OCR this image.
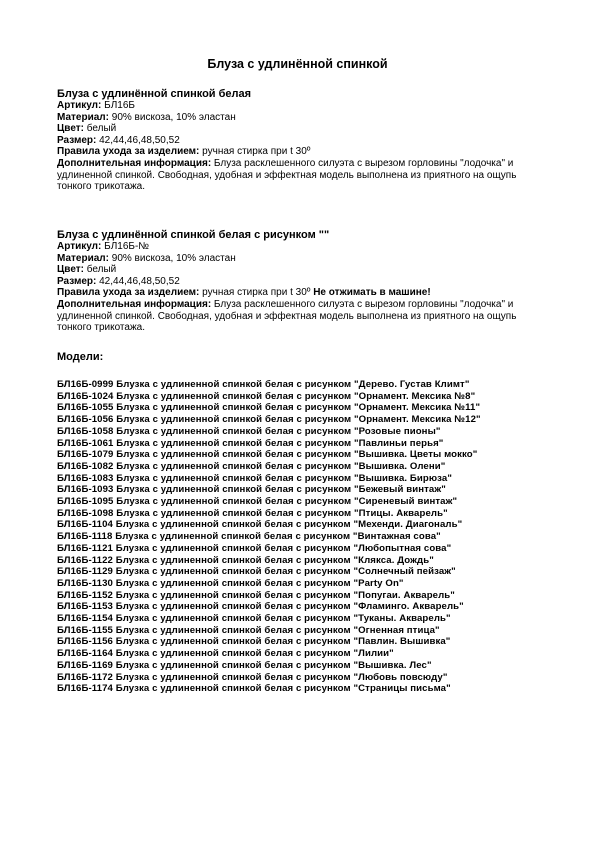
Блуза с удлинённой спинкой
Блуза с удлинённой спинкой белая
Артикул: БЛ16Б
Материал: 90% вискоза, 10% эластан
Цвет: белый
Размер: 42,44,46,48,50,52
Правила ухода за изделием: ручная стирка при t 30º
Дополнительная информация: Блуза расклешенного силуэта с вырезом горловины "лодочка" и удлиненной спинкой. Свободная, удобная и эффектная модель выполнена из приятного на ощупь тонкого трикотажа.
Блуза с удлинённой спинкой белая с рисунком ""
Артикул: БЛ16Б-№
Материал: 90% вискоза, 10% эластан
Цвет: белый
Размер: 42,44,46,48,50,52
Правила ухода за изделием: ручная стирка при t 30º Не отжимать в машине!
Дополнительная информация: Блуза расклешенного силуэта с вырезом горловины "лодочка" и удлиненной спинкой. Свободная, удобная и эффектная модель выполнена из приятного на ощупь тонкого трикотажа.
Модели:
БЛ16Б-0999 Блузка с удлиненной спинкой белая с рисунком "Дерево. Густав Климт"
БЛ16Б-1024 Блузка с удлиненной спинкой белая с рисунком "Орнамент. Мексика №8"
БЛ16Б-1055 Блузка с удлиненной спинкой белая с рисунком "Орнамент. Мексика №11"
БЛ16Б-1056 Блузка с удлиненной спинкой белая с рисунком "Орнамент. Мексика №12"
БЛ16Б-1058 Блузка с удлиненной спинкой белая с рисунком "Розовые пионы"
БЛ16Б-1061 Блузка с удлиненной спинкой белая с рисунком "Павлиньи перья"
БЛ16Б-1079 Блузка с удлиненной спинкой белая с рисунком "Вышивка. Цветы мокко"
БЛ16Б-1082 Блузка с удлиненной спинкой белая с рисунком "Вышивка. Олени"
БЛ16Б-1083 Блузка с удлиненной спинкой белая с рисунком "Вышивка. Бирюза"
БЛ16Б-1093 Блузка с удлиненной спинкой белая с рисунком "Бежевый винтаж"
БЛ16Б-1095 Блузка с удлиненной спинкой белая с рисунком "Сиреневый винтаж"
БЛ16Б-1098 Блузка с удлиненной спинкой белая с рисунком "Птицы. Акварель"
БЛ16Б-1104 Блузка с удлиненной спинкой белая с рисунком "Мехенди. Диагональ"
БЛ16Б-1118 Блузка с удлиненной спинкой белая с рисунком "Винтажная сова"
БЛ16Б-1121 Блузка с удлиненной спинкой белая с рисунком "Любопытная сова"
БЛ16Б-1122 Блузка с удлиненной спинкой белая с рисунком "Клякса. Дождь"
БЛ16Б-1129 Блузка с удлиненной спинкой белая с рисунком "Солнечный пейзаж"
БЛ16Б-1130 Блузка с удлиненной спинкой белая с рисунком "Party On"
БЛ16Б-1152 Блузка с удлиненной спинкой белая с рисунком "Попугаи. Акварель"
БЛ16Б-1153 Блузка с удлиненной спинкой белая с рисунком "Фламинго. Акварель"
БЛ16Б-1154 Блузка с удлиненной спинкой белая с рисунком "Туканы. Акварель"
БЛ16Б-1155 Блузка с удлиненной спинкой белая с рисунком "Огненная птица"
БЛ16Б-1156 Блузка с удлиненной спинкой белая с рисунком "Павлин. Вышивка"
БЛ16Б-1164 Блузка с удлиненной спинкой белая с рисунком "Лилии"
БЛ16Б-1169 Блузка с удлиненной спинкой белая с рисунком "Вышивка. Лес"
БЛ16Б-1172 Блузка с удлиненной спинкой белая с рисунком "Любовь повсюду"
БЛ16Б-1174 Блузка с удлиненной спинкой белая с рисунком "Страницы письма"
